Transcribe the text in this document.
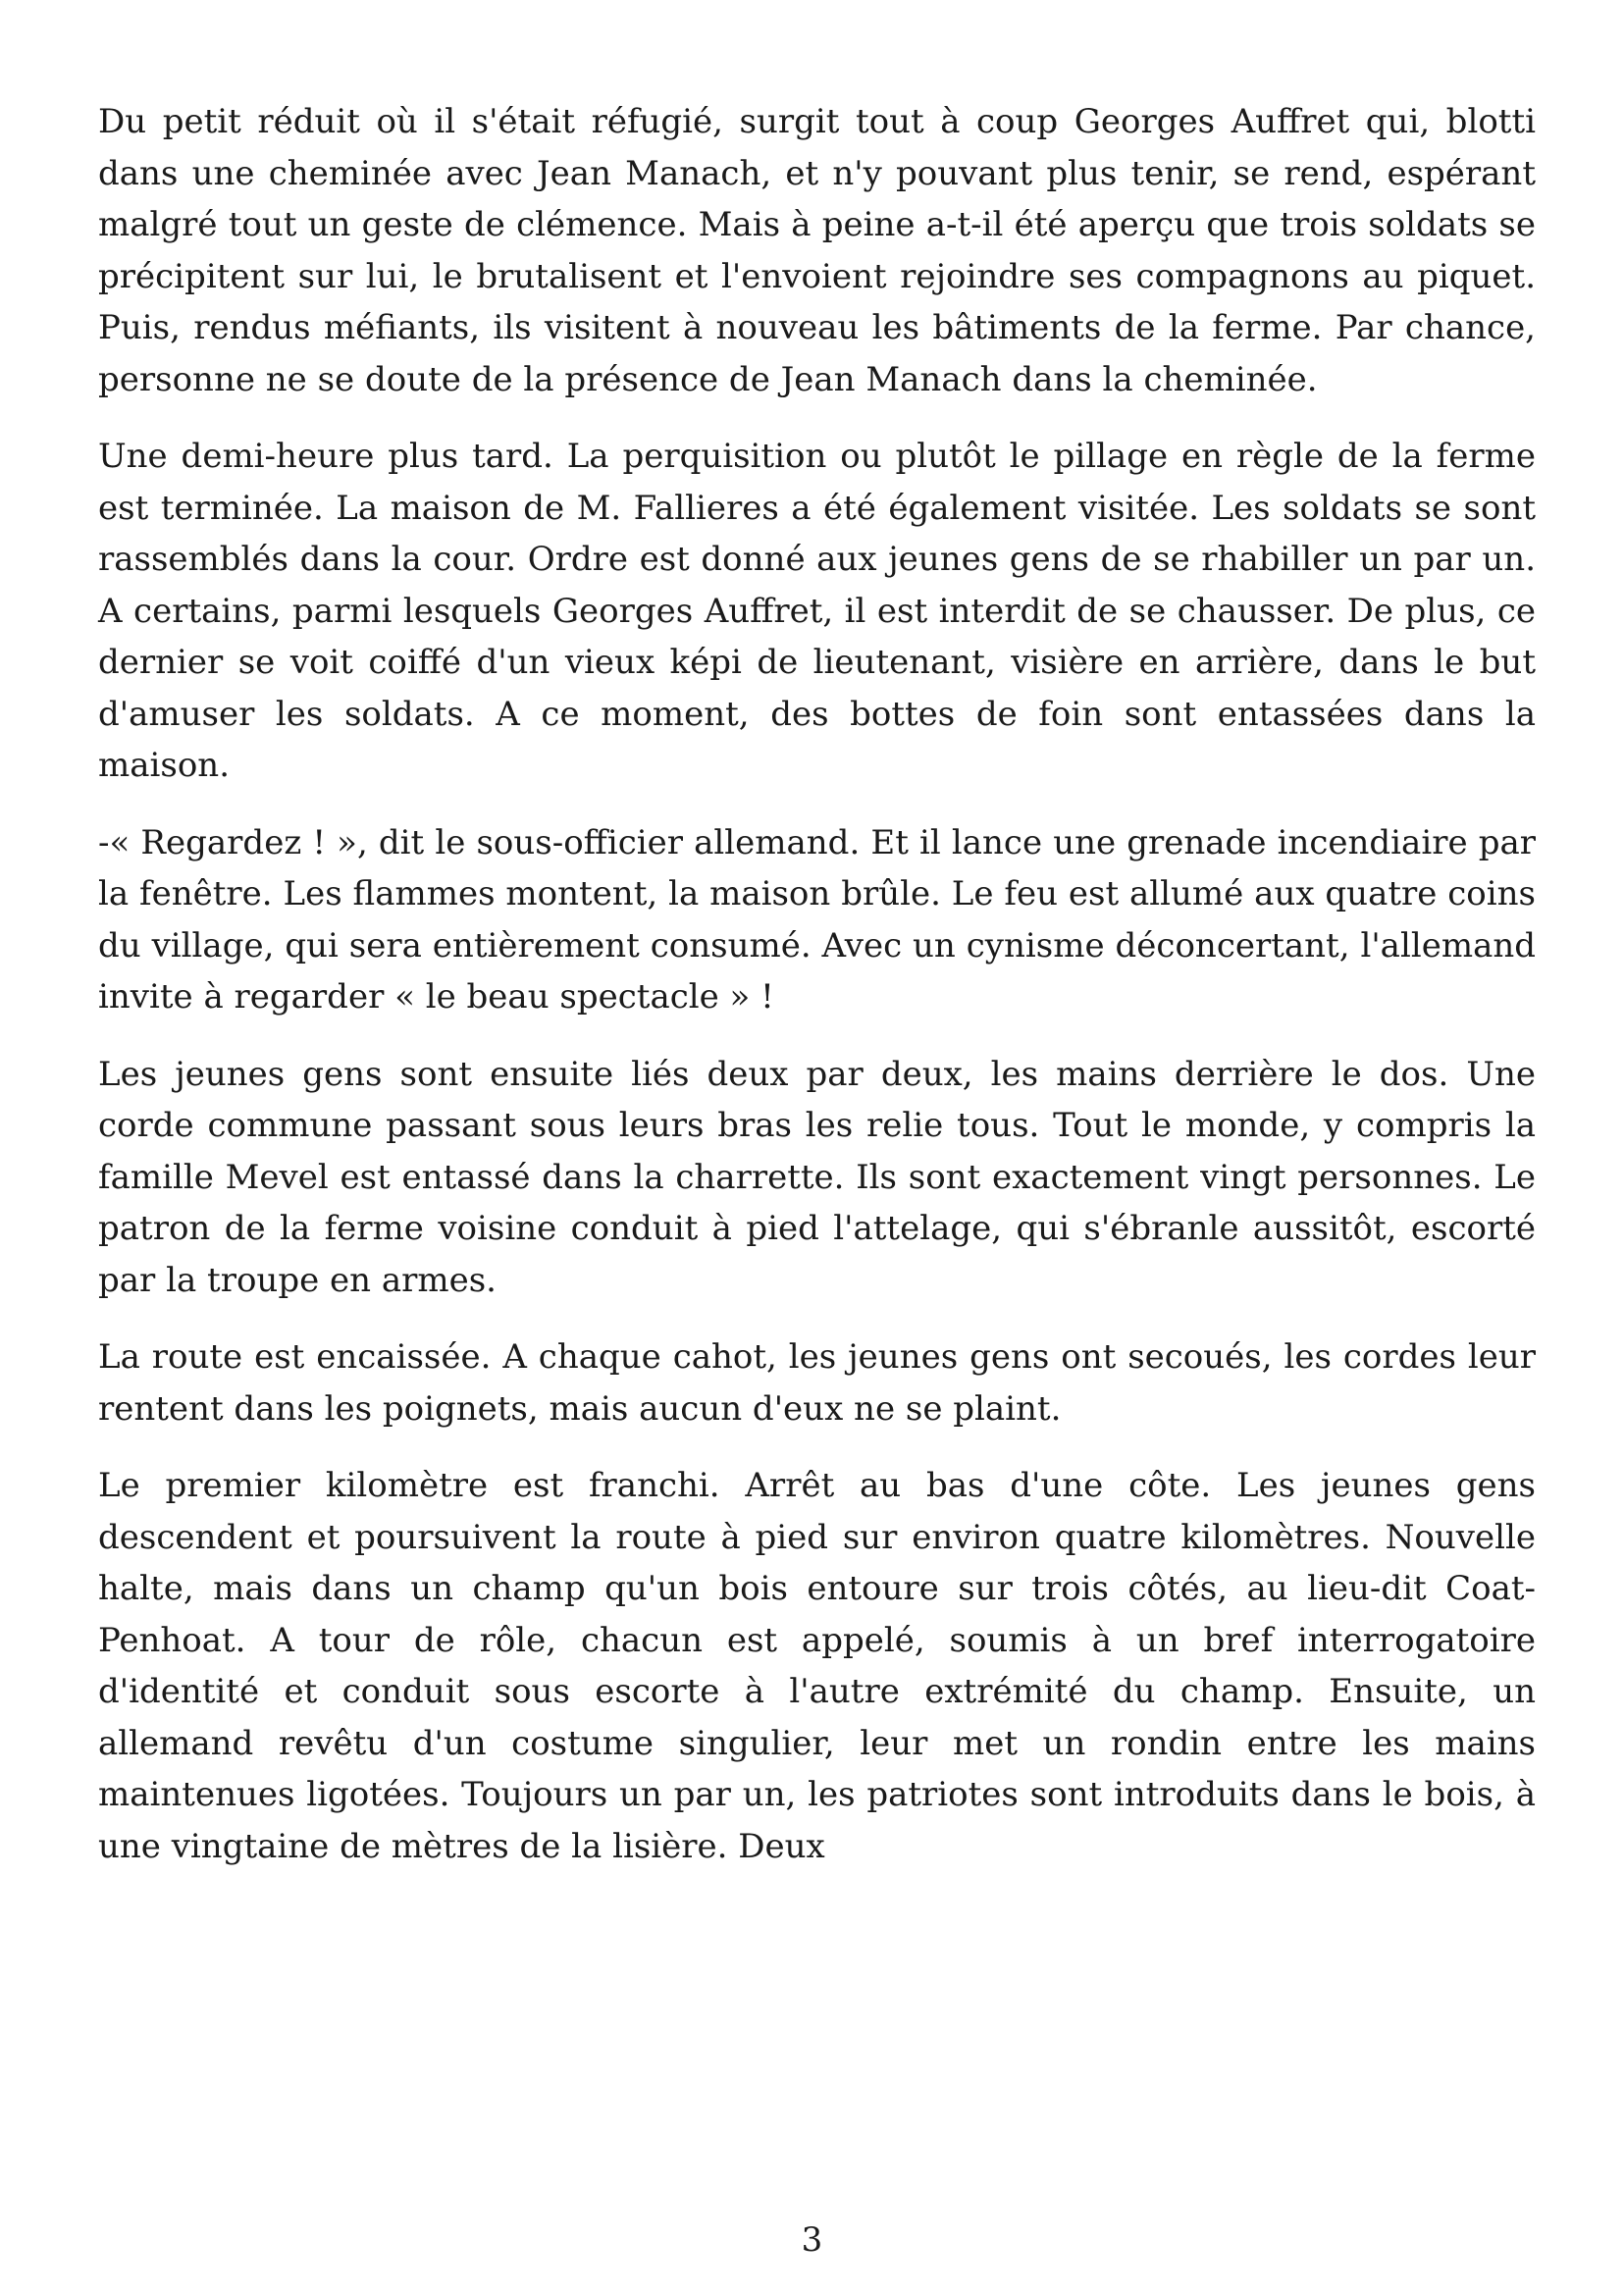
Du petit réduit où il s'était réfugié, surgit tout à coup Georges Auffret qui, blotti dans une cheminée avec Jean Manach, et n'y pouvant plus tenir, se rend, espérant malgré tout un geste de clémence. Mais à peine a-t-il été aperçu que trois soldats se précipitent sur lui, le brutalisent et l'envoient rejoindre ses compagnons au piquet. Puis, rendus méfiants, ils visitent à nouveau les bâtiments de la ferme. Par chance, personne ne se doute de la présence de Jean Manach dans la cheminée.

Une demi-heure plus tard. La perquisition ou plutôt le pillage en règle de la ferme est terminée. La maison de M. Fallieres a été également visitée. Les soldats se sont rassemblés dans la cour. Ordre est donné aux jeunes gens de se rhabiller un par un. A certains, parmi lesquels Georges Auffret, il est interdit de se chausser. De plus, ce dernier se voit coiffé d'un vieux képi de lieutenant, visière en arrière, dans le but d'amuser les soldats. A ce moment, des bottes de foin sont entassées dans la maison.

-« Regardez ! », dit le sous-officier allemand. Et il lance une grenade incendiaire par la fenêtre. Les flammes montent, la maison brûle. Le feu est allumé aux quatre coins du village, qui sera entièrement consumé. Avec un cynisme déconcertant, l'allemand invite à regarder « le beau spectacle » !

Les jeunes gens sont ensuite liés deux par deux, les mains derrière le dos. Une corde commune passant sous leurs bras les relie tous. Tout le monde, y compris la famille Mevel est entassé dans la charrette. Ils sont exactement vingt personnes. Le patron de la ferme voisine conduit à pied l'attelage, qui s'ébranle aussitôt, escorté par la troupe en armes.

La route est encaissée. A chaque cahot, les jeunes gens ont secoués, les cordes leur rentent dans les poignets, mais aucun d'eux ne se plaint.

Le premier kilomètre est franchi. Arrêt au bas d'une côte. Les jeunes gens descendent et poursuivent la route à pied sur environ quatre kilomètres. Nouvelle halte, mais dans un champ qu'un bois entoure sur trois côtés, au lieu-dit Coat-Penhoat. A tour de rôle, chacun est appelé, soumis à un bref interrogatoire d'identité et conduit sous escorte à l'autre extrémité du champ. Ensuite, un allemand revêtu d'un costume singulier, leur met un rondin entre les mains maintenues ligotées. Toujours un par un, les patriotes sont introduits dans le bois, à une vingtaine de mètres de la lisière. Deux

3
